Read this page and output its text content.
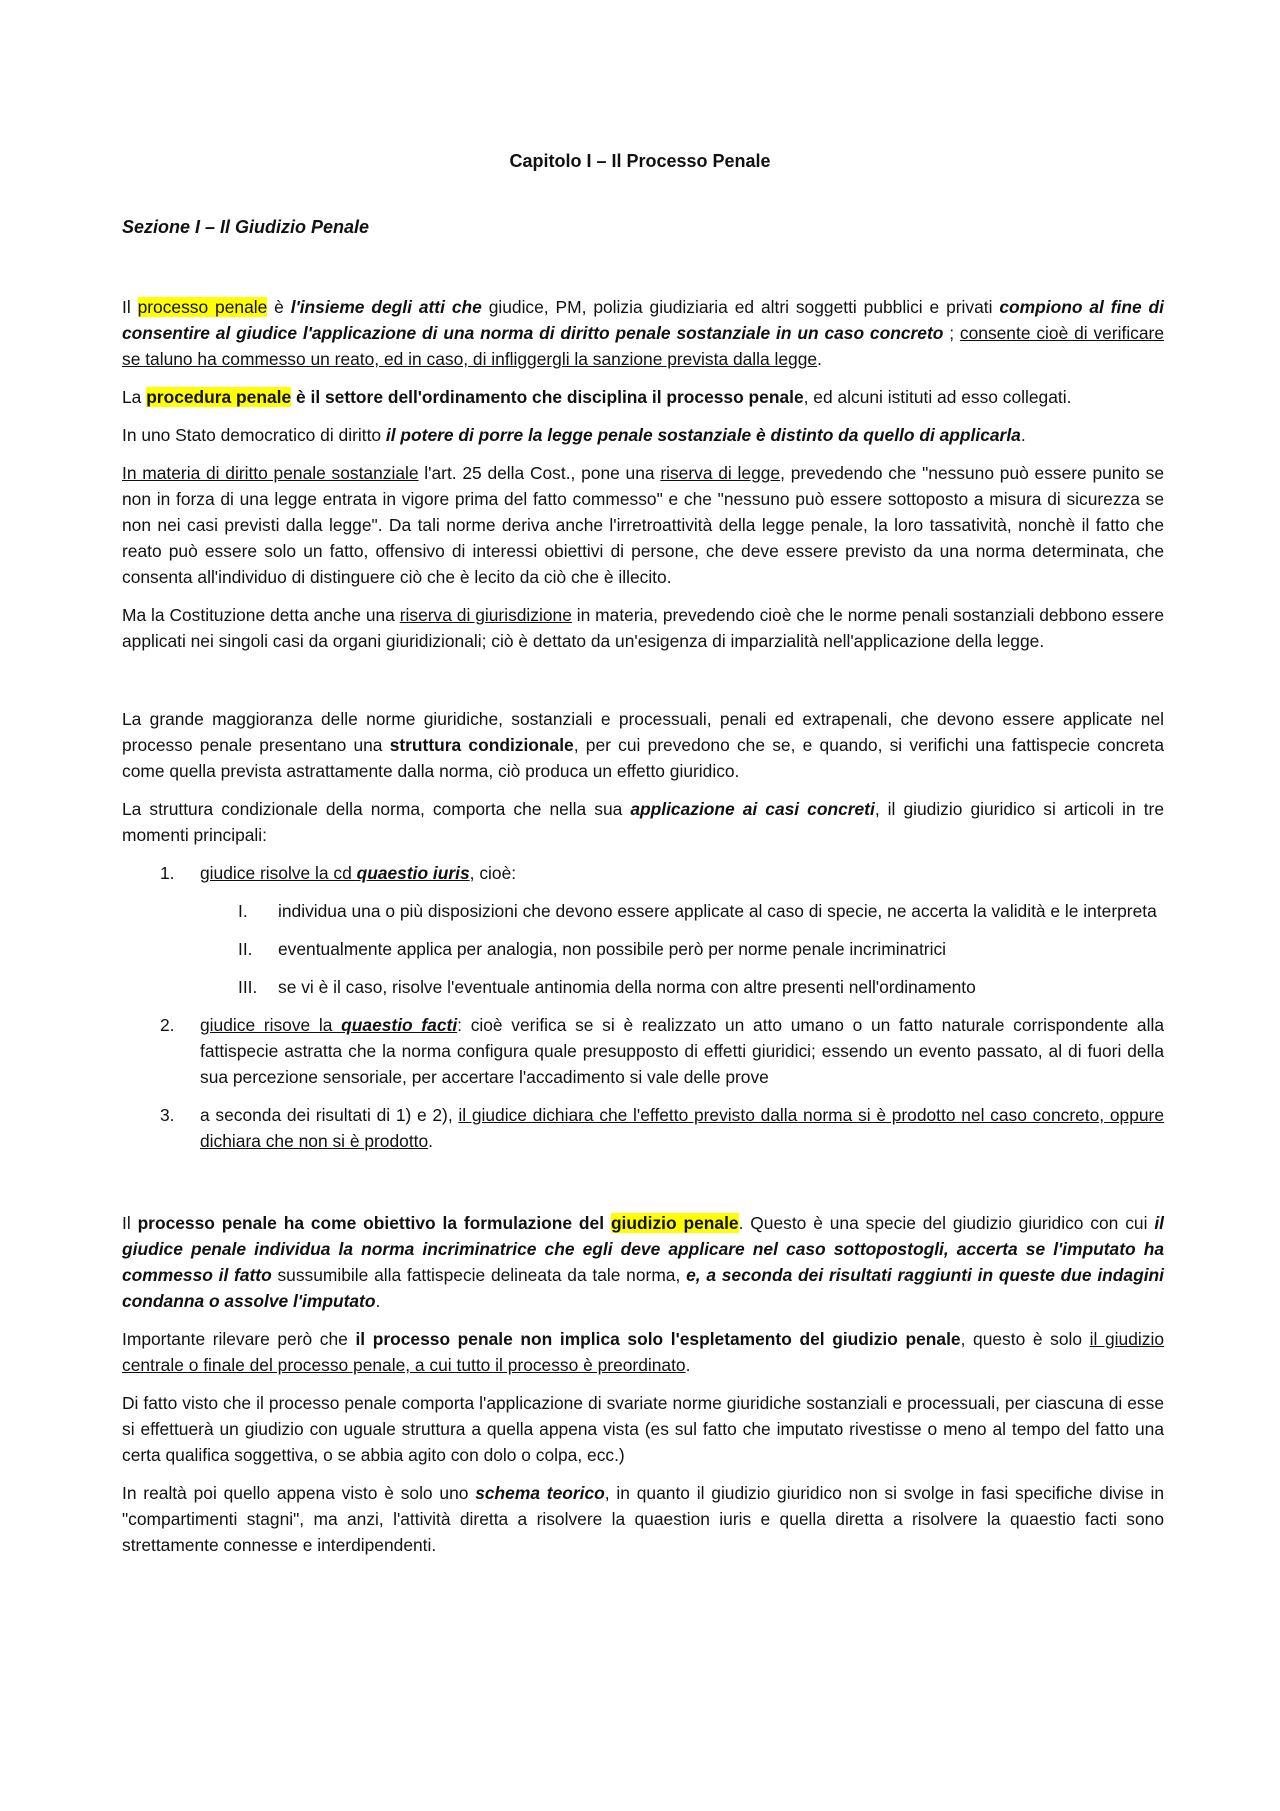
Capitolo I – Il Processo Penale
Sezione I – Il Giudizio Penale

Il processo penale è l'insieme degli atti che giudice, PM, polizia giudiziaria ed altri soggetti pubblici e privati compiono al fine di consentire al giudice l'applicazione di una norma di diritto penale sostanziale in un caso concreto ; consente cioè di verificare se taluno ha commesso un reato, ed in caso, di infliggergli la sanzione prevista dalla legge.

La procedura penale è il settore dell'ordinamento che disciplina il processo penale, ed alcuni istituti ad esso collegati.

In uno Stato democratico di diritto il potere di porre la legge penale sostanziale è distinto da quello di applicarla.

In materia di diritto penale sostanziale l'art. 25 della Cost., pone una riserva di legge, prevedendo che "nessuno può essere punito se non in forza di una legge entrata in vigore prima del fatto commesso" e che "nessuno può essere sottoposto a misura di sicurezza se non nei casi previsti dalla legge". Da tali norme deriva anche l'irretroattività della legge penale, la loro tassatività, nonchè il fatto che reato può essere solo un fatto, offensivo di interessi obiettivi di persone, che deve essere previsto da una norma determinata, che consenta all'individuo di distinguere ciò che è lecito da ciò che è illecito.

Ma la Costituzione detta anche una riserva di giurisdizione in materia, prevedendo cioè che le norme penali sostanziali debbono essere applicati nei singoli casi da organi giuridizionali; ciò è dettato da un'esigenza di imparzialità nell'applicazione della legge.

La grande maggioranza delle norme giuridiche, sostanziali e processuali, penali ed extrapenali, che devono essere applicate nel processo penale presentano una struttura condizionale, per cui prevedono che se, e quando, si verifichi una fattispecie concreta come quella prevista astrattamente dalla norma, ciò produca un effetto giuridico.

La struttura condizionale della norma, comporta che nella sua applicazione ai casi concreti, il giudizio giuridico si articoli in tre momenti principali:

1. giudice risolve la cd quaestio iuris, cioè:
I. individua una o più disposizioni che devono essere applicate al caso di specie, ne accerta la validità e le interpreta
II. eventualmente applica per analogia, non possibile però per norme penale incriminatrici
III. se vi è il caso, risolve l'eventuale antinomia della norma con altre presenti nell'ordinamento
2. giudice risove la quaestio facti: cioè verifica se si è realizzato un atto umano o un fatto naturale corrispondente alla fattispecie astratta che la norma configura quale presupposto di effetti giuridici; essendo un evento passato, al di fuori della sua percezione sensoriale, per accertare l'accadimento si vale delle prove
3. a seconda dei risultati di 1) e 2), il giudice dichiara che l'effetto previsto dalla norma si è prodotto nel caso concreto, oppure dichiara che non si è prodotto.

Il processo penale ha come obiettivo la formulazione del giudizio penale. Questo è una specie del giudizio giuridico con cui il giudice penale individua la norma incriminatrice che egli deve applicare nel caso sottopostogli, accerta se l'imputato ha commesso il fatto sussumibile alla fattispecie delineata da tale norma, e, a seconda dei risultati raggiunti in queste due indagini condanna o assolve l'imputato.

Importante rilevare però che il processo penale non implica solo l'espletamento del giudizio penale, questo è solo il giudizio centrale o finale del processo penale, a cui tutto il processo è preordinato.

Di fatto visto che il processo penale comporta l'applicazione di svariate norme giuridiche sostanziali e processuali, per ciascuna di esse si effettuerà un giudizio con uguale struttura a quella appena vista (es sul fatto che imputato rivestisse o meno al tempo del fatto una certa qualifica soggettiva, o se abbia agito con dolo o colpa, ecc.)

In realtà poi quello appena visto è solo uno schema teorico, in quanto il giudizio giuridico non si svolge in fasi specifiche divise in "compartimenti stagni", ma anzi, l'attività diretta a risolvere la quaestion iuris e quella diretta a risolvere la quaestio facti sono strettamente connesse e interdipendenti.
